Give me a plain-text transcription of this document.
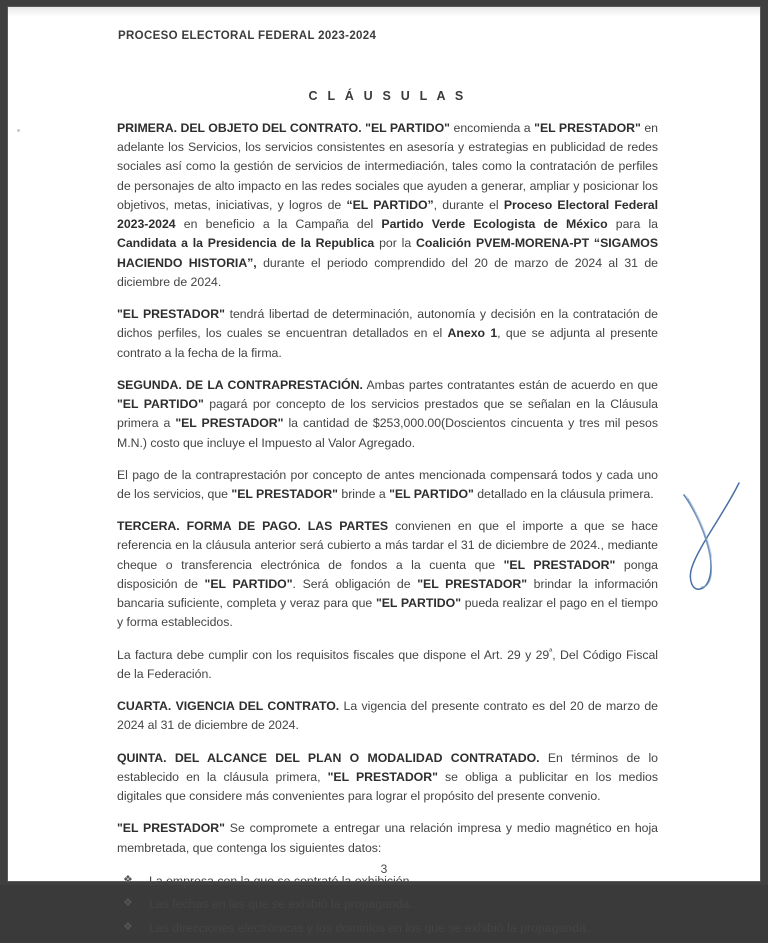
PROCESO ELECTORAL FEDERAL 2023-2024
C L Á U S U L A S

PRIMERA. DEL OBJETO DEL CONTRATO. "EL PARTIDO" encomienda a "EL PRESTADOR" en adelante los Servicios, los servicios consistentes en asesoría y estrategias en publicidad de redes sociales así como la gestión de servicios de intermediación, tales como la contratación de perfiles de personajes de alto impacto en las redes sociales que ayuden a generar, ampliar y posicionar los objetivos, metas, iniciativas, y logros de “EL PARTIDO”, durante el Proceso Electoral Federal 2023-2024 en beneficio a la Campaña del Partido Verde Ecologista de México para la Candidata a la Presidencia de la Republica por la Coalición PVEM-MORENA-PT “SIGAMOS HACIENDO HISTORIA”, durante el periodo comprendido del 20 de marzo de 2024 al 31 de diciembre de 2024.

"EL PRESTADOR" tendrá libertad de determinación, autonomía y decisión en la contratación de dichos perfiles, los cuales se encuentran detallados en el Anexo 1, que se adjunta al presente contrato a la fecha de la firma.

SEGUNDA. DE LA CONTRAPRESTACIÓN. Ambas partes contratantes están de acuerdo en que "EL PARTIDO" pagará por concepto de los servicios prestados que se señalan en la Cláusula primera a "EL PRESTADOR" la cantidad de $253,000.00(Doscientos cincuenta y tres mil pesos M.N.) costo que incluye el Impuesto al Valor Agregado.

El pago de la contraprestación por concepto de antes mencionada compensará todos y cada uno de los servicios, que "EL PRESTADOR" brinde a "EL PARTIDO" detallado en la cláusula primera.

TERCERA. FORMA DE PAGO. LAS PARTES convienen en que el importe a que se hace referencia en la cláusula anterior será cubierto a más tardar el 31 de diciembre de 2024., mediante cheque o transferencia electrónica de fondos a la cuenta que "EL PRESTADOR" ponga disposición de "EL PARTIDO". Será obligación de "EL PRESTADOR" brindar la información bancaria suficiente, completa y veraz para que "EL PARTIDO" pueda realizar el pago en el tiempo y forma establecidos.

La factura debe cumplir con los requisitos fiscales que dispone el Art. 29 y $29^ª$, Del Código Fiscal de la Federación.

CUARTA. VIGENCIA DEL CONTRATO. La vigencia del presente contrato es del 20 de marzo de 2024 al 31 de diciembre de 2024.

QUINTA. DEL ALCANCE DEL PLAN O MODALIDAD CONTRATADO. En términos de lo establecido en la cláusula primera, "EL PRESTADOR" se obliga a publicitar en los medios digitales que considere más convenientes para lograr el propósito del presente convenio.

"EL PRESTADOR" Se compromete a entregar una relación impresa y medio magnético en hoja membretada, que contenga los siguientes datos:

❖ La empresa con la que se contrató la exhibición.
❖ Las fechas en las que se exhibió la propaganda.
❖ Las direcciones electrónicas y los dominios en los que se exhibió la propaganda.
3
